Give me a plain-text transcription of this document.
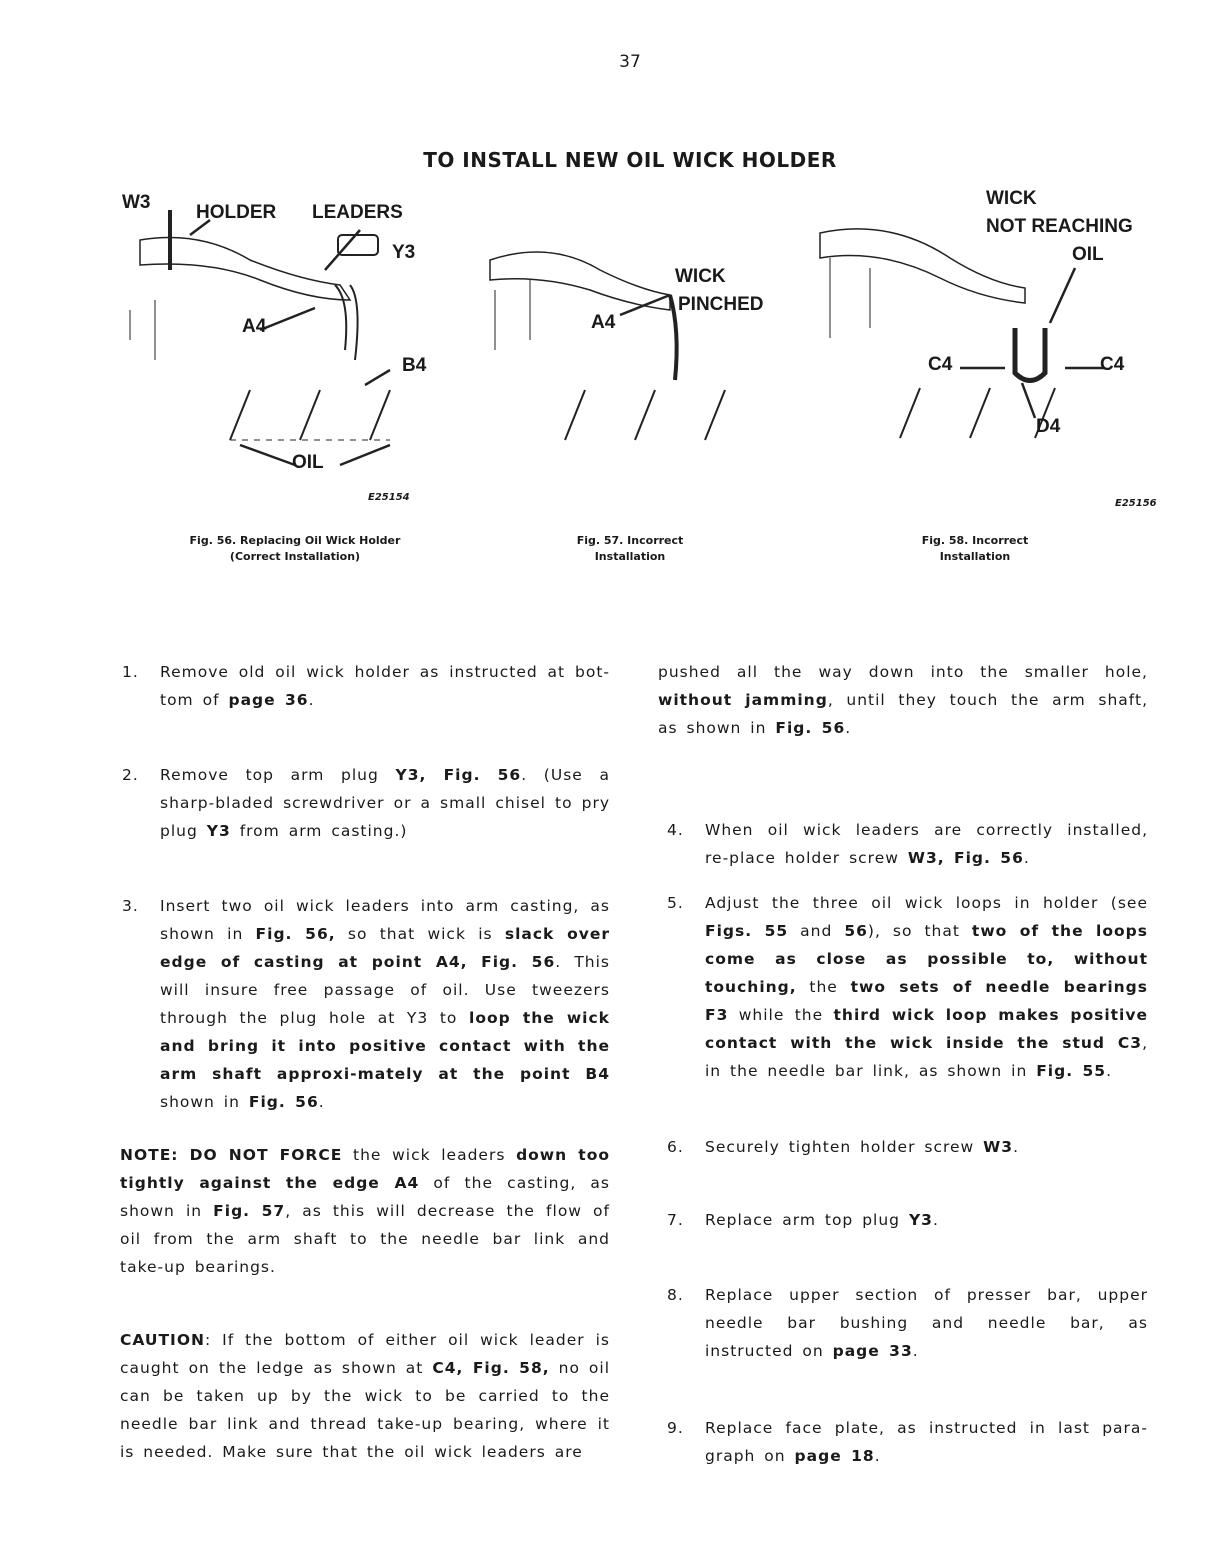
37
TO INSTALL NEW OIL WICK HOLDER
W3 HOLDER LEADERS
Y3
A4
B4
OIL
E25154
Fig. 56. Replacing Oil Wick Holder
(Correct Installation)
WICK
PINCHED
A4
Fig. 57. Incorrect
Installation
WICK
NOT REACHING
OIL
C4	C4
D4
E25156
Fig. 58. Incorrect
Installation
1. Remove old oil wick holder as instructed at bot-tom of page 36.
2. Remove top arm plug Y3, Fig. 56. (Use a sharp-bladed screwdriver or a small chisel to pry plug Y3 from arm casting.)
3. Insert two oil wick leaders into arm casting, as shown in Fig. 56, so that wick is slack over edge of casting at point A4, Fig. 56. This will insure free passage of oil. Use tweezers through the plug hole at Y3 to loop the wick and bring it into positive contact with the arm shaft approxi-mately at the point B4 shown in Fig. 56.
NOTE: DO NOT FORCE the wick leaders down too tightly against the edge A4 of the casting, as shown in Fig. 57, as this will decrease the flow of oil from the arm shaft to the needle bar link and take-up bearings.
CAUTION: If the bottom of either oil wick leader is caught on the ledge as shown at C4, Fig. 58, no oil can be taken up by the wick to be carried to the needle bar link and thread take-up bearing, where it is needed. Make sure that the oil wick leaders are
pushed all the way down into the smaller hole, without jamming, until they touch the arm shaft, as shown in Fig. 56.
4. When oil wick leaders are correctly installed, re-place holder screw W3, Fig. 56.
5. Adjust the three oil wick loops in holder (see Figs. 55 and 56), so that two of the loops come as close as possible to, without touching, the two sets of needle bearings F3 while the third wick loop makes positive contact with the wick inside the stud C3, in the needle bar link, as shown in Fig. 55.
6. Securely tighten holder screw W3.
7. Replace arm top plug Y3.
8. Replace upper section of presser bar, upper needle bar bushing and needle bar, as instructed on page 33.
9. Replace face plate, as instructed in last para-graph on page 18.
